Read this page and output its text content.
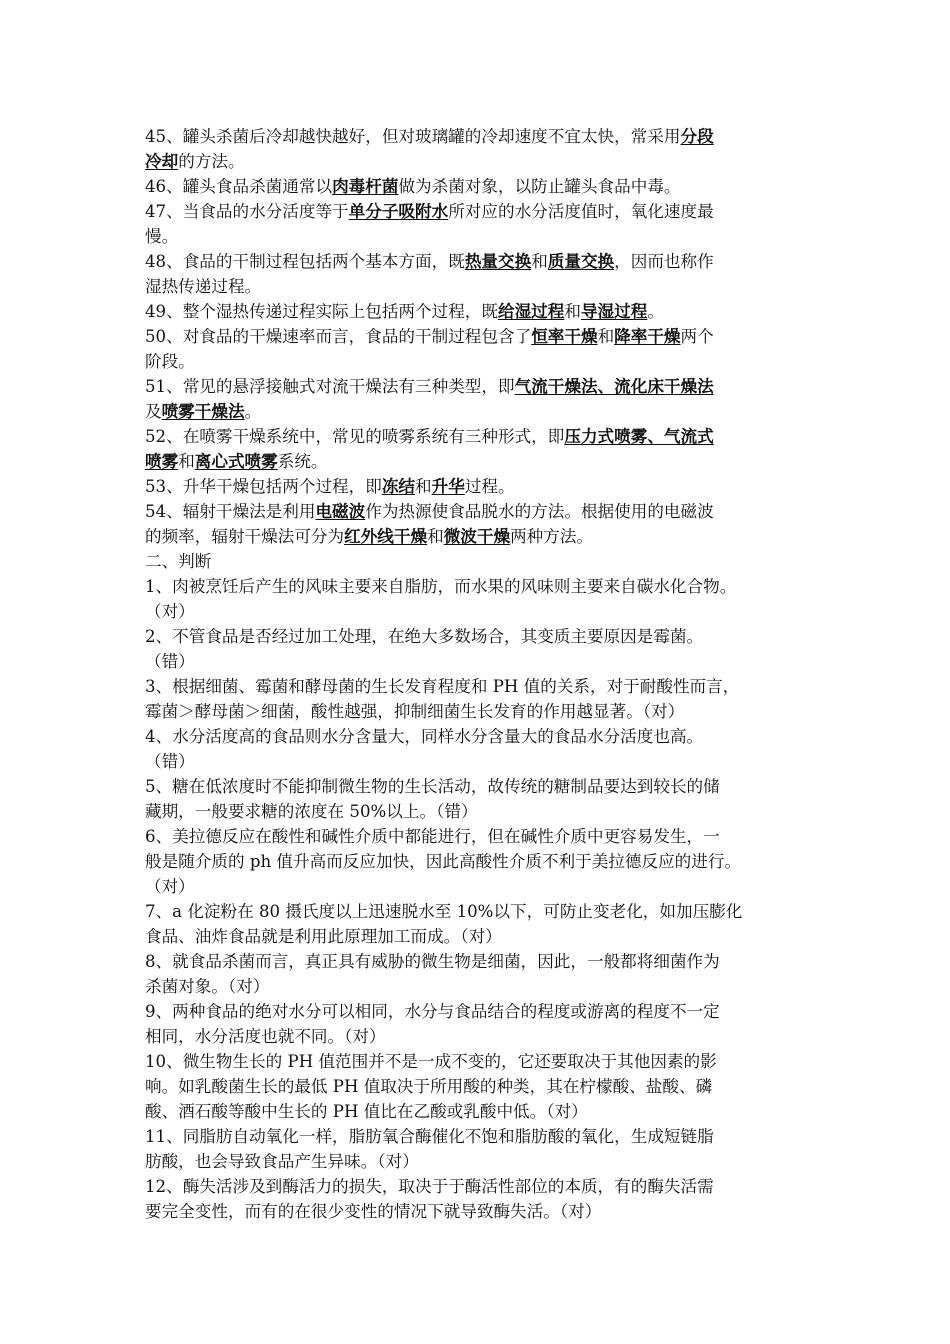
45、罐头杀菌后冷却越快越好，但对玻璃罐的冷却速度不宜太快，常采用分段
冷却的方法。
46、罐头食品杀菌通常以肉毒杆菌做为杀菌对象，以防止罐头食品中毒。
47、当食品的水分活度等于单分子吸附水所对应的水分活度值时，氧化速度最
慢。
48、食品的干制过程包括两个基本方面，既热量交换和质量交换，因而也称作
湿热传递过程。
49、整个湿热传递过程实际上包括两个过程，既给湿过程和导湿过程。
50、对食品的干燥速率而言，食品的干制过程包含了恒率干燥和降率干燥两个
阶段。
51、常见的悬浮接触式对流干燥法有三种类型，即气流干燥法、流化床干燥法
及喷雾干燥法。
52、在喷雾干燥系统中，常见的喷雾系统有三种形式，即压力式喷雾、气流式
喷雾和离心式喷雾系统。
53、升华干燥包括两个过程，即冻结和升华过程。
54、辐射干燥法是利用电磁波作为热源使食品脱水的方法。根据使用的电磁波
的频率，辐射干燥法可分为红外线干燥和微波干燥两种方法。
二、判断
1、肉被烹饪后产生的风味主要来自脂肪，而水果的风味则主要来自碳水化合物。
（对）
2、不管食品是否经过加工处理，在绝大多数场合，其变质主要原因是霉菌。
（错）
3、根据细菌、霉菌和酵母菌的生长发育程度和 PH 值的关系，对于耐酸性而言，
霉菌＞酵母菌＞细菌，酸性越强，抑制细菌生长发育的作用越显著。（对）
4、水分活度高的食品则水分含量大，同样水分含量大的食品水分活度也高。
（错）
5、糖在低浓度时不能抑制微生物的生长活动，故传统的糖制品要达到较长的储
藏期，一般要求糖的浓度在 50%以上。（错）
6、美拉德反应在酸性和碱性介质中都能进行，但在碱性介质中更容易发生，一
般是随介质的 ph 值升高而反应加快，因此高酸性介质不利于美拉德反应的进行。
（对）
7、a 化淀粉在 80 摄氏度以上迅速脱水至 10%以下，可防止变老化，如加压膨化
食品、油炸食品就是利用此原理加工而成。（对）
8、就食品杀菌而言，真正具有威胁的微生物是细菌，因此，一般都将细菌作为
杀菌对象。（对）
9、两种食品的绝对水分可以相同，水分与食品结合的程度或游离的程度不一定
相同，水分活度也就不同。（对）
10、微生物生长的 PH 值范围并不是一成不变的，它还要取决于其他因素的影
响。如乳酸菌生长的最低 PH 值取决于所用酸的种类，其在柠檬酸、盐酸、磷
酸、酒石酸等酸中生长的 PH 值比在乙酸或乳酸中低。（对）
11、同脂肪自动氧化一样，脂肪氧合酶催化不饱和脂肪酸的氧化，生成短链脂
肪酸，也会导致食品产生异味。（对）
12、酶失活涉及到酶活力的损失，取决于于酶活性部位的本质，有的酶失活需
要完全变性，而有的在很少变性的情况下就导致酶失活。（对）
